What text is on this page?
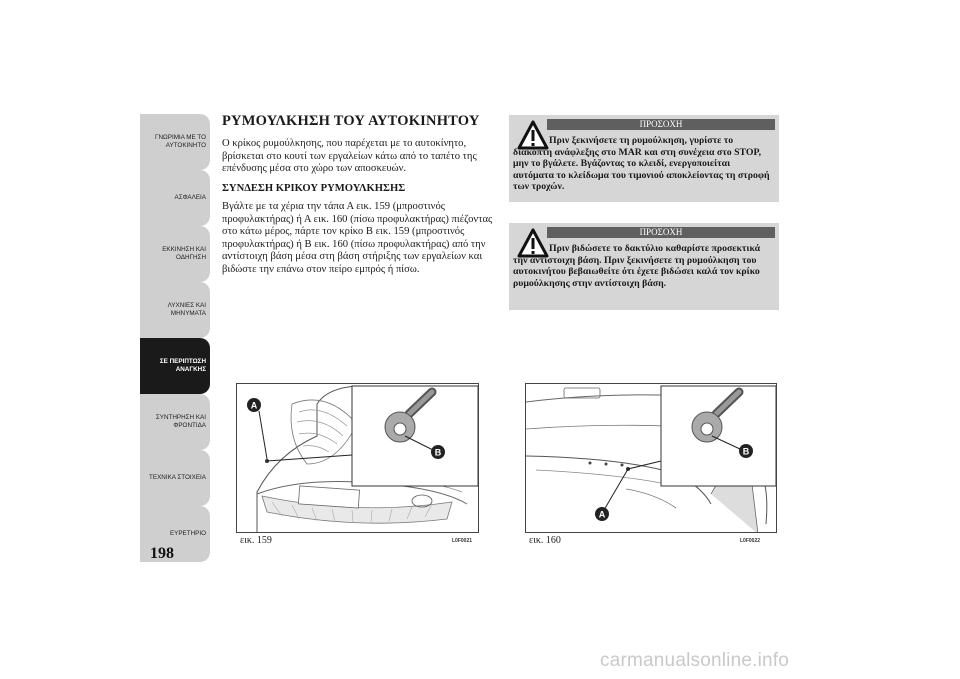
ΓΝΩΡΙΜΙΑ ΜΕ ΤΟ
ΑΥΤΟΚΙΝΗΤΟ
ΑΣΦΑΛΕΙΑ
ΕΚΚΙΝΗΣΗ ΚΑΙ
ΟΔΗΓΗΣΗ
ΛΥΧΝΙΕΣ ΚΑΙ
ΜΗΝΥΜΑΤΑ
ΣΕ ΠΕΡΙΠΤΩΣΗ
ΑΝΑΓΚΗΣ
ΣΥΝΤΗΡΗΣΗ ΚΑΙ
ΦΡΟΝΤΙΔΑ
ΤΕΧΝΙΚΑ ΣΤΟΙΧΕΙΑ
ΕΥΡΕΤΗΡΙΟ
198
ΡΥΜΟΥΛΚΗΣΗ ΤΟΥ ΑΥΤΟΚΙΝΗΤΟΥ
Ο κρίκος ρυμούλκησης, που παρέχεται με το αυτοκίνητο, βρίσκεται στο κουτί των εργαλείων κάτω από το ταπέτο της επένδυσης μέσα στο χώρο των αποσκευών.
ΣΥΝΔΕΣΗ ΚΡΙΚΟΥ ΡΥΜΟΥΛΚΗΣΗΣ
Βγάλτε με τα χέρια την τάπα Α εικ. 159 (μπροστινός προφυλακτήρας) ή Α εικ. 160 (πίσω προφυλακτήρας) πιέζοντας στο κάτω μέρος, πάρτε τον κρίκο Β εικ. 159 (μπροστινός προφυλακτήρας) ή Β εικ. 160 (πίσω προφυλακτήρας) από την αντίστοιχη βάση μέσα στη βάση στήριξης των εργαλείων και βιδώστε την επάνω στον πείρο εμπρός ή πίσω.
ΠΡΟΣΟΧΗ
Πριν ξεκινήσετε τη ρυμούλκηση, γυρίστε το διακόπτη ανάφλεξης στο MAR και στη συνέχεια στο STOP, μην το βγάλετε. Βγάζοντας το κλειδί, ενεργοποιείται αυτόματα το κλείδωμα του τιμονιού αποκλείοντας τη στροφή των τροχών.
ΠΡΟΣΟΧΗ
Πριν βιδώσετε το δακτύλιο καθαρίστε προσεκτικά την αντίστοιχη βάση. Πριν ξεκινήσετε τη ρυμούλκηση του αυτοκινήτου βεβαιωθείτε ότι έχετε βιδώσει καλά τον κρίκο ρυμούλκησης στην αντίστοιχη βάση.
A
B
εικ. 159	L0F0021
B
A
εικ. 160	L0F0022
carmanualsonline.info
